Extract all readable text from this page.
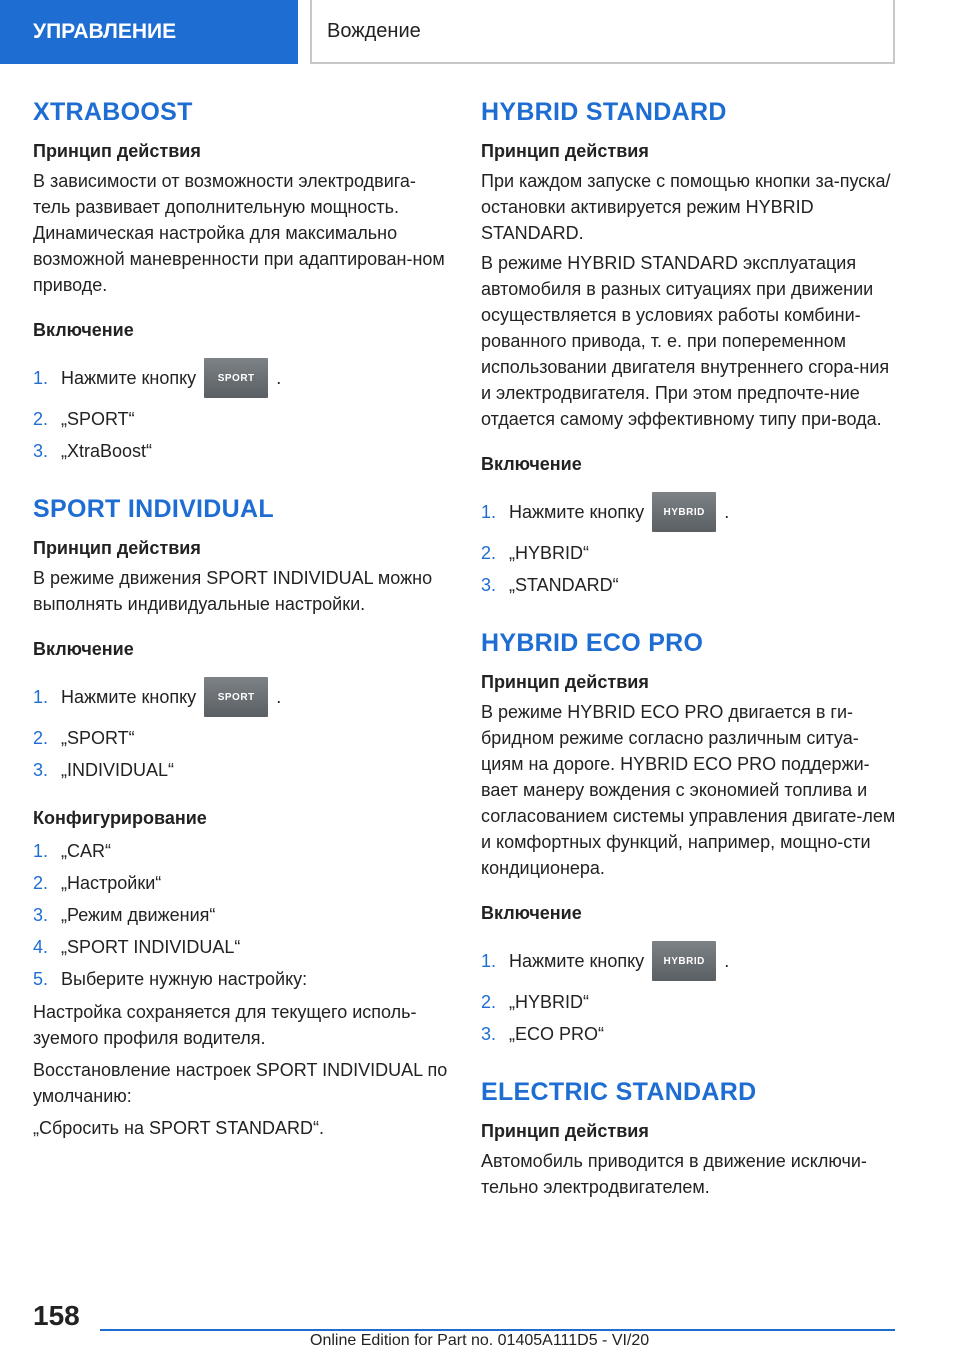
УПРАВЛЕНИЕ	Вождение
XTRABOOST
Принцип действия

В зависимости от возможности электродвига-тель развивает дополнительную мощность. Динамическая настройка для максимально возможной маневренности при адаптирован-ном приводе.

Включение
1. Нажмите кнопку	SPORT	.
2. „SPORT“
3. „XtraBoost“
SPORT INDIVIDUAL
Принцип действия

В режиме движения SPORT INDIVIDUAL можно выполнять индивидуальные настройки.

Включение
1. Нажмите кнопку	SPORT	.
2. „SPORT“
3. „INDIVIDUAL“
Конфигурирование
1. „CAR“
2. „Настройки“
3. „Режим движения“
4. „SPORT INDIVIDUAL“
5. Выберите нужную настройку:

Настройка сохраняется для текущего исполь-зуемого профиля водителя.

Восстановление настроек SPORT INDIVIDUAL по умолчанию:

„Сбросить на SPORT STANDARD“.

HYBRID STANDARD
Принцип действия

При каждом запуске с помощью кнопки за-пуска/остановки активируется режим HYBRID STANDARD.

В режиме HYBRID STANDARD эксплуатация автомобиля в разных ситуациях при движении осуществляется в условиях работы комбини-рованного привода, т. е. при попеременном использовании двигателя внутреннего сгора-ния и электродвигателя. При этом предпочте-ние отдается самому эффективному типу при-вода.

Включение
1. Нажмите кнопку	HYBRID	.
2. „HYBRID“
3. „STANDARD“
HYBRID ECO PRO
Принцип действия

В режиме HYBRID ECO PRO двигается в ги-бридном режиме согласно различным ситуа-циям на дороге. HYBRID ECO PRO поддержи-вает манеру вождения с экономией топлива и согласованием системы управления двигате-лем и комфортных функций, например, мощно-сти кондиционера.

Включение
1. Нажмите кнопку	HYBRID	.
2. „HYBRID“
3. „ECO PRO“
ELECTRIC STANDARD
Принцип действия

Автомобиль приводится в движение исключи-тельно электродвигателем.

158
Online Edition for Part no. 01405A111D5 - VI/20
